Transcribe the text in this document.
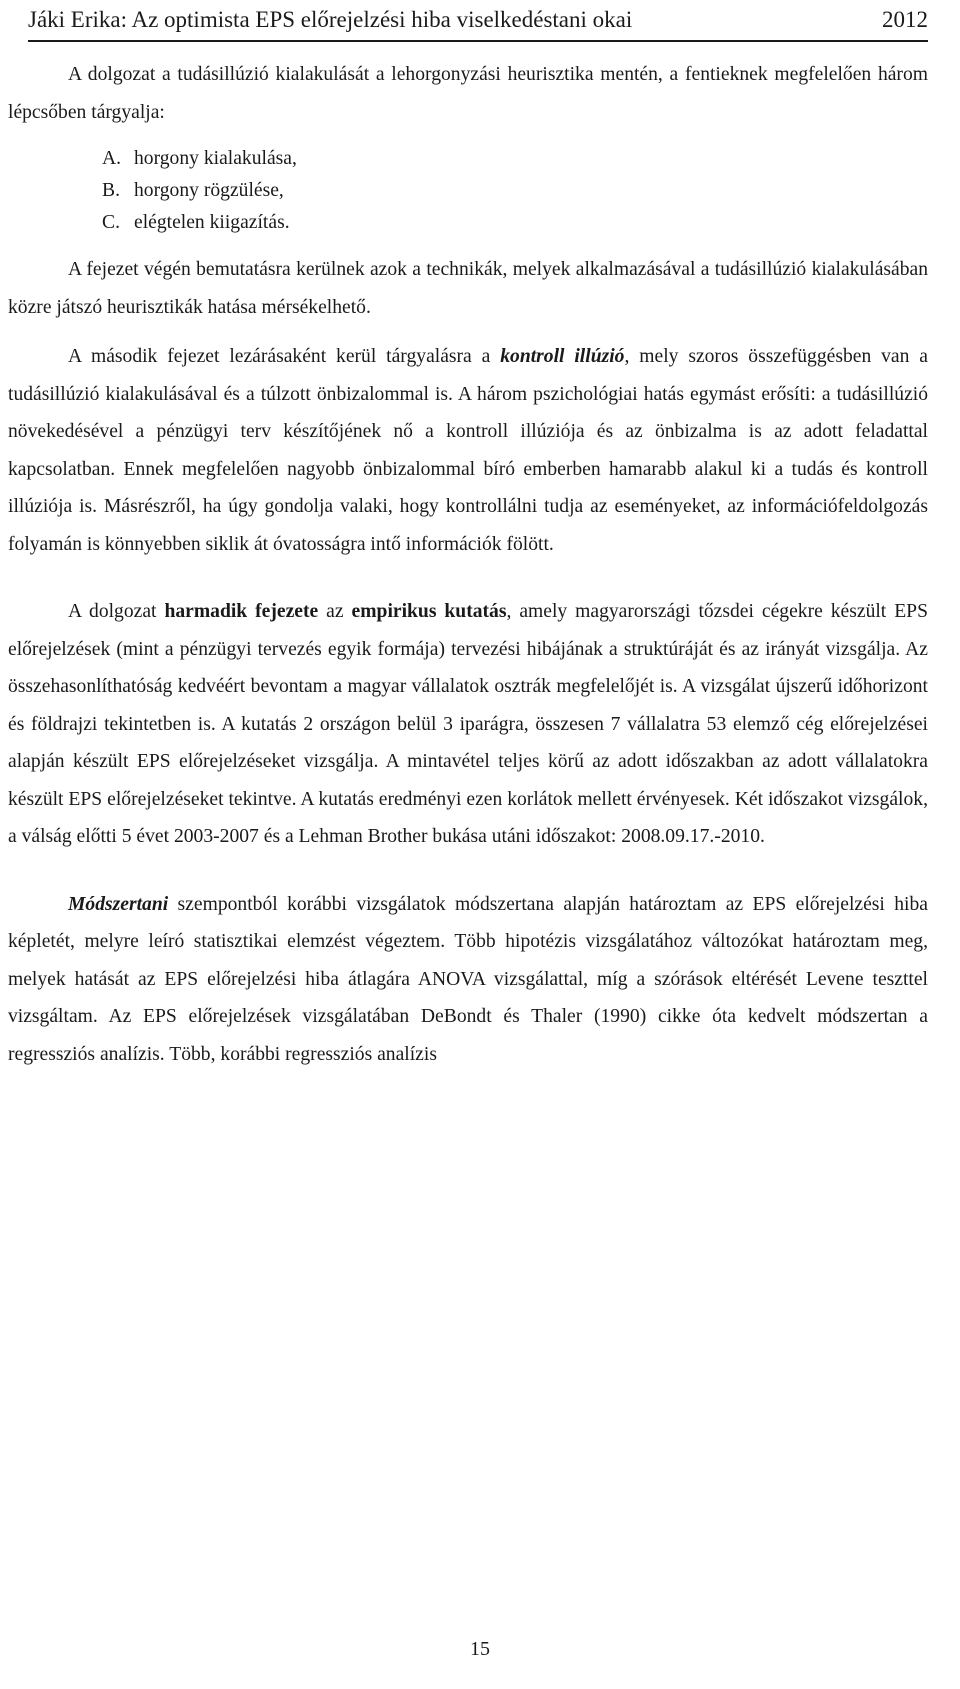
Jáki Erika: Az optimista EPS előrejelzési hiba viselkedéstani okai	2012

A dolgozat a tudásillúzió kialakulását a lehorgonyzási heurisztika mentén, a fentieknek megfelelően három lépcsőben tárgyalja:

A. horgony kialakulása,
B. horgony rögzülése,
C. elégtelen kiigazítás.

A fejezet végén bemutatásra kerülnek azok a technikák, melyek alkalmazásával a tudásillúzió kialakulásában közre játszó heurisztikák hatása mérsékelhető.

A második fejezet lezárásaként kerül tárgyalásra a kontroll illúzió, mely szoros összefüggésben van a tudásillúzió kialakulásával és a túlzott önbizalommal is. A három pszichológiai hatás egymást erősíti: a tudásillúzió növekedésével a pénzügyi terv készítőjének nő a kontroll illúziója és az önbizalma is az adott feladattal kapcsolatban. Ennek megfelelően nagyobb önbizalommal bíró emberben hamarabb alakul ki a tudás és kontroll illúziója is. Másrészről, ha úgy gondolja valaki, hogy kontrollálni tudja az eseményeket, az információfeldolgozás folyamán is könnyebben siklik át óvatosságra intő információk fölött.

A dolgozat harmadik fejezete az empirikus kutatás, amely magyarországi tőzsdei cégekre készült EPS előrejelzések (mint a pénzügyi tervezés egyik formája) tervezési hibájának a struktúráját és az irányát vizsgálja. Az összehasonlíthatóság kedvéért bevontam a magyar vállalatok osztrák megfelelőjét is. A vizsgálat újszerű időhorizont és földrajzi tekintetben is. A kutatás 2 országon belül 3 iparágra, összesen 7 vállalatra 53 elemző cég előrejelzései alapján készült EPS előrejelzéseket vizsgálja. A mintavétel teljes körű az adott időszakban az adott vállalatokra készült EPS előrejelzéseket tekintve. A kutatás eredményi ezen korlátok mellett érvényesek. Két időszakot vizsgálok, a válság előtti 5 évet 2003-2007 és a Lehman Brother bukása utáni időszakot: 2008.09.17.-2010.

Módszertani szempontból korábbi vizsgálatok módszertana alapján határoztam az EPS előrejelzési hiba képletét, melyre leíró statisztikai elemzést végeztem. Több hipotézis vizsgálatához változókat határoztam meg, melyek hatását az EPS előrejelzési hiba átlagára ANOVA vizsgálattal, míg a szórások eltérését Levene teszttel vizsgáltam. Az EPS előrejelzések vizsgálatában DeBondt és Thaler (1990) cikke óta kedvelt módszertan a regressziós analízis. Több, korábbi regressziós analízis

15
